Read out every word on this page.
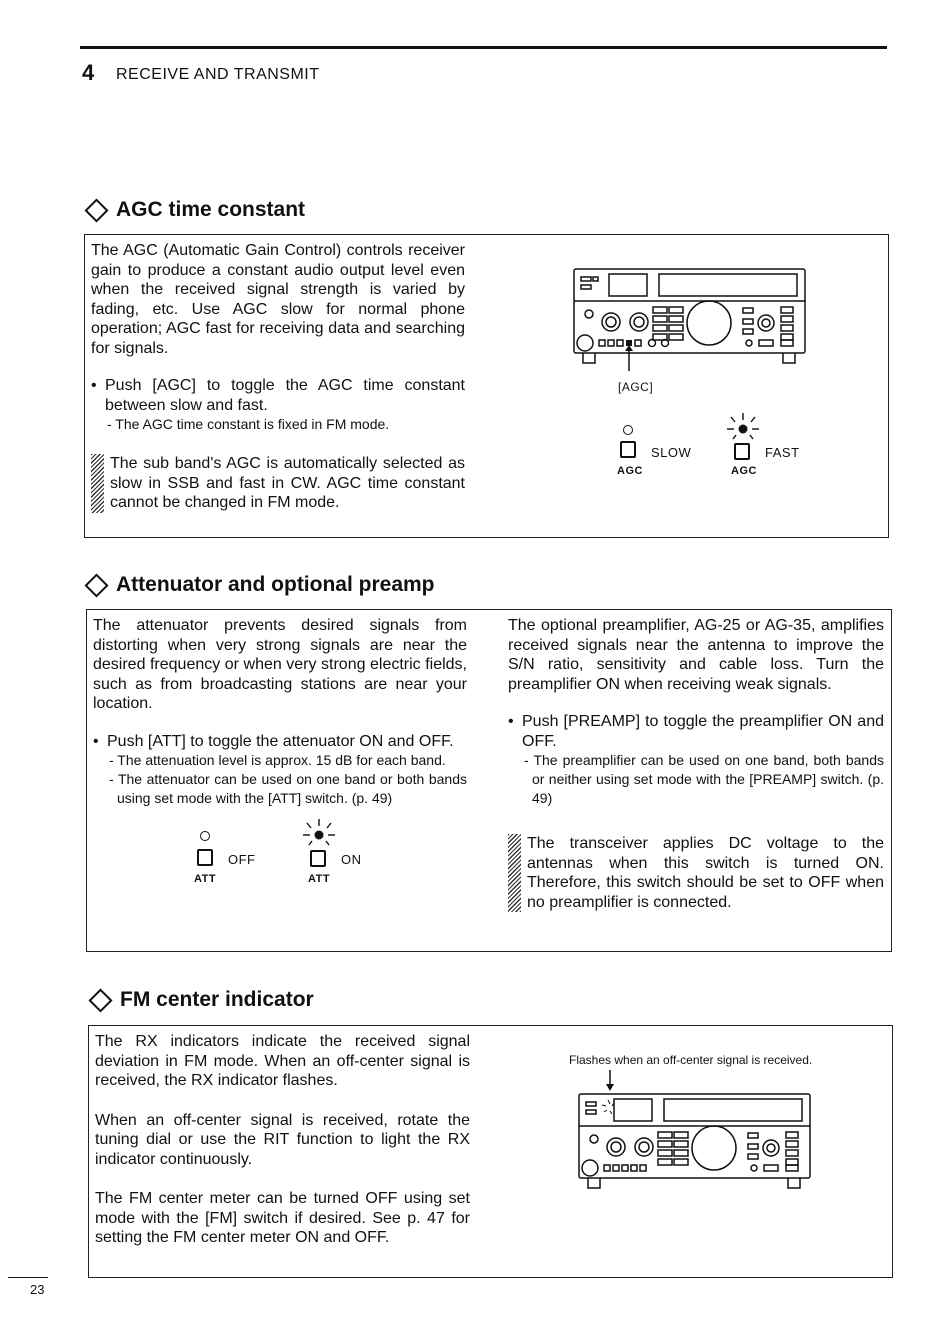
4 RECEIVE AND TRANSMIT
AGC time constant
The AGC (Automatic Gain Control) controls receiver gain to produce a constant audio output level even when the received signal strength is varied by fading, etc. Use AGC slow for normal phone operation; AGC fast for receiving data and searching for signals.
• Push [AGC] to toggle the AGC time constant between slow and fast.
- The AGC time constant is fixed in FM mode.
The sub band's AGC is automatically selected as slow in SSB and fast in CW. AGC time constant cannot be changed in FM mode.
[AGC]
SLOW
AGC
FAST
AGC
Attenuator and optional preamp
The attenuator prevents desired signals from distorting when very strong signals are near the desired frequency or when very strong electric fields, such as from broadcasting stations are near your location.
• Push [ATT] to toggle the attenuator ON and OFF.
- The attenuation level is approx. 15 dB for each band.
- The attenuator can be used on one band or both bands using set mode with the [ATT] switch. (p. 49)
OFF
ATT
ON
ATT
The optional preamplifier, AG-25 or AG-35, amplifies received signals near the antenna to improve the S/N ratio, sensitivity and cable loss. Turn the preamplifier ON when receiving weak signals.
• Push [PREAMP] to toggle the preamplifier ON and OFF.
- The preamplifier can be used on one band, both bands or neither using set mode with the [PREAMP] switch. (p. 49)
The transceiver applies DC voltage to the antennas when this switch is turned ON. Therefore, this switch should be set to OFF when no preamplifier is connected.
FM center indicator
The RX indicators indicate the received signal deviation in FM mode. When an off-center signal is received, the RX indicator flashes.
When an off-center signal is received, rotate the tuning dial or use the RIT function to light the RX indicator continuously.
The FM center meter can be turned OFF using set mode with the [FM] switch if desired. See p. 47 for setting the FM center meter ON and OFF.
Flashes when an off-center signal is received.
23
